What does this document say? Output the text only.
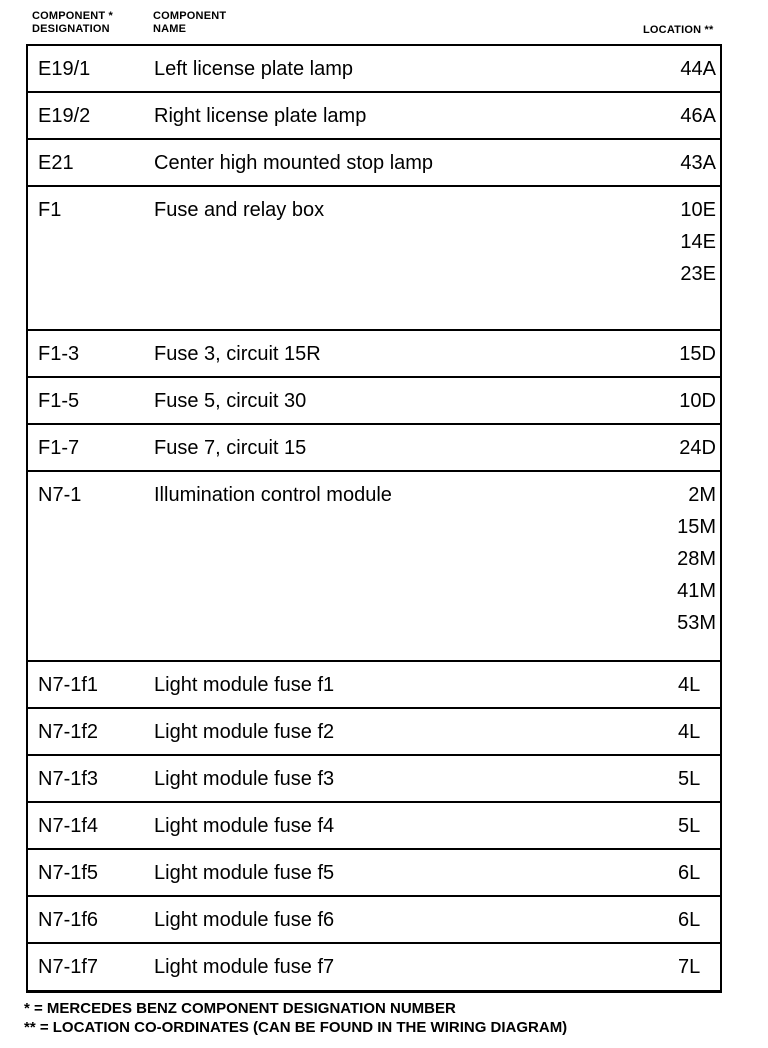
COMPONENT *
DESIGNATION
COMPONENT
NAME	LOCATION **
E19/1	Left license plate lamp	44A
E19/2	Right license plate lamp	46A
E21	Center high mounted stop lamp	43A
F1	Fuse and relay box	10E
14E
23E
F1-3	Fuse 3, circuit 15R	15D
F1-5	Fuse 5, circuit 30	10D
F1-7	Fuse 7, circuit 15	24D
N7-1	Illumination control module	2M
15M
28M
41M
53M
N7-1f1	Light module fuse f1	4L
N7-1f2	Light module fuse f2	4L
N7-1f3	Light module fuse f3	5L
N7-1f4	Light module fuse f4	5L
N7-1f5	Light module fuse f5	6L
N7-1f6	Light module fuse f6	6L
N7-1f7	Light module fuse f7	7L
* = MERCEDES BENZ COMPONENT DESIGNATION NUMBER
** = LOCATION CO-ORDINATES (CAN BE FOUND IN THE WIRING DIAGRAM)
